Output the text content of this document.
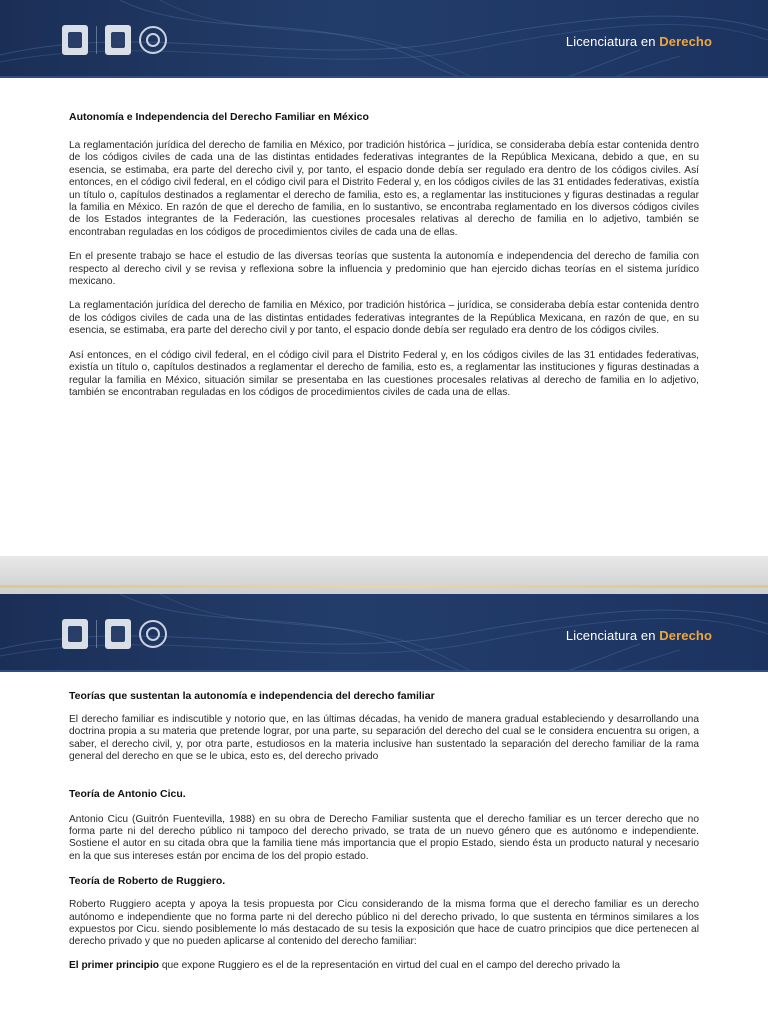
Licenciatura en Derecho
Autonomía e Independencia del Derecho Familiar en México

La reglamentación jurídica del derecho de familia en México, por tradición histórica – jurídica, se consideraba debía estar contenida dentro de los códigos civiles de cada una de las distintas entidades federativas integrantes de la República Mexicana, debido a que, en su esencia, se estimaba, era parte del derecho civil y, por tanto, el espacio donde debía ser regulado era dentro de los códigos civiles. Así entonces, en el código civil federal, en el código civil para el Distrito Federal y, en los códigos civiles de las 31 entidades federativas, existía un título o, capítulos destinados a reglamentar el derecho de familia, esto es, a reglamentar las instituciones y figuras destinadas a regular la familia en México. En razón de que el derecho de familia, en lo sustantivo, se encontraba reglamentado en los diversos códigos civiles de los Estados integrantes de la Federación, las cuestiones procesales relativas al derecho de familia en lo adjetivo, también se encontraban reguladas en los códigos de procedimientos civiles de cada una de ellas.

En el presente trabajo se hace el estudio de las diversas teorías que sustenta la autonomía e independencia del derecho de familia con respecto al derecho civil y se revisa y reflexiona sobre la influencia y predominio que han ejercido dichas teorías en el sistema jurídico mexicano.

La reglamentación jurídica del derecho de familia en México, por tradición histórica – jurídica, se consideraba debía estar contenida dentro de los códigos civiles de cada una de las distintas entidades federativas integrantes de la República Mexicana, en razón de que, en su esencia, se estimaba, era parte del derecho civil y por tanto, el espacio donde debía ser regulado era dentro de los códigos civiles.

Así entonces, en el código civil federal, en el código civil para el Distrito Federal y, en los códigos civiles de las 31 entidades federativas, existía un título o, capítulos destinados a reglamentar el derecho de familia, esto es, a reglamentar las instituciones y figuras destinadas a regular la familia en México, situación similar se presentaba en las cuestiones procesales relativas al derecho de familia en lo adjetivo, también se encontraban reguladas en los códigos de procedimientos civiles de cada una de ellas.

Licenciatura en Derecho
Teorías que sustentan la autonomía e independencia del derecho familiar

El derecho familiar es indiscutible y notorio que, en las últimas décadas, ha venido de manera gradual estableciendo y desarrollando una doctrina propia a su materia que pretende lograr, por una parte, su separación del derecho del cual se le considera encuentra su origen, a saber, el derecho civil, y, por otra parte, estudiosos en la materia inclusive han sustentado la separación del derecho familiar de la rama general del derecho en que se le ubica, esto es, del derecho privado

Teoría de Antonio Cicu.

Antonio Cicu (Guitrón Fuentevilla, 1988) en su obra de Derecho Familiar sustenta que el derecho familiar es un tercer derecho que no forma parte ni del derecho público ni tampoco del derecho privado, se trata de un nuevo género que es autónomo e independiente. Sostiene el autor en su citada obra que la familia tiene más importancia que el propio Estado, siendo ésta un producto natural y necesario en la que sus intereses están por encima de los del propio estado.

Teoría de Roberto de Ruggiero.

Roberto Ruggiero acepta y apoya la tesis propuesta por Cicu considerando de la misma forma que el derecho familiar es un derecho autónomo e independiente que no forma parte ni del derecho público ni del derecho privado, lo que sustenta en términos similares a los expuestos por Cicu. siendo posiblemente lo más destacado de su tesis la exposición que hace de cuatro principios que dice pertenecen al derecho privado y que no pueden aplicarse al contenido del derecho familiar:

El primer principio que expone Ruggiero es el de la representación en virtud del cual en el campo del derecho privado la
